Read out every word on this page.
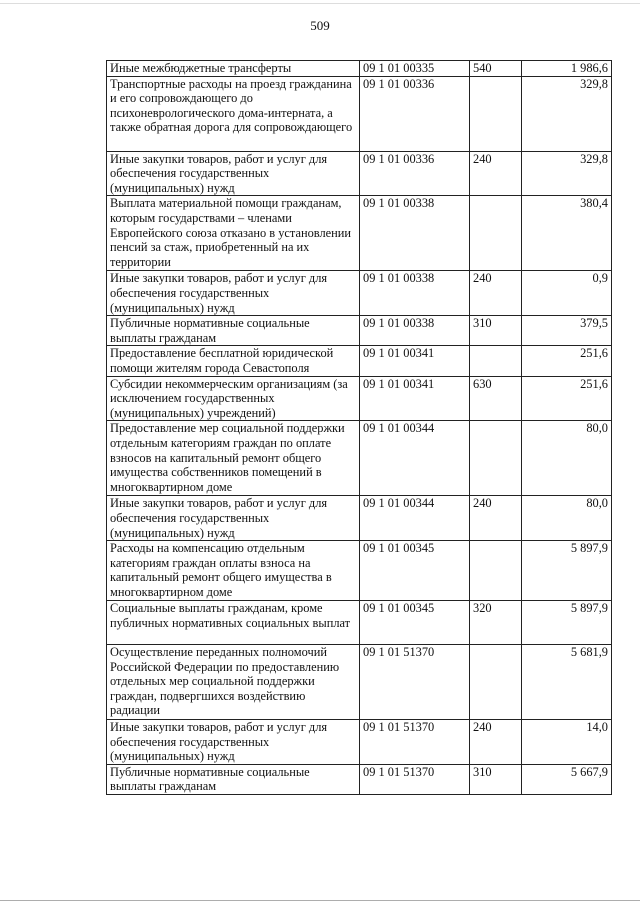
509
Иные межбюджетные трансферты	09 1 01 00335	540	1 986,6
Транспортные расходы на проезд гражданина и его сопровождающего до психоневрологического дома-интерната, а также обратная дорога для сопровождающего	09 1 01 00336		329,8
Иные закупки товаров, работ и услуг для обеспечения государственных (муниципальных) нужд	09 1 01 00336	240	329,8
Выплата материальной помощи гражданам, которым государствами – членами Европейского союза отказано в установлении пенсий за стаж, приобретенный на их территории	09 1 01 00338		380,4
Иные закупки товаров, работ и услуг для обеспечения государственных (муниципальных) нужд	09 1 01 00338	240	0,9
Публичные нормативные социальные выплаты гражданам	09 1 01 00338	310	379,5
Предоставление бесплатной юридической помощи жителям города Севастополя	09 1 01 00341		251,6
Субсидии некоммерческим организациям (за исключением государственных (муниципальных) учреждений)	09 1 01 00341	630	251,6
Предоставление мер социальной поддержки отдельным категориям граждан по оплате взносов на капитальный ремонт общего имущества собственников помещений в многоквартирном доме	09 1 01 00344		80,0
Иные закупки товаров, работ и услуг для обеспечения государственных (муниципальных) нужд	09 1 01 00344	240	80,0
Расходы на компенсацию отдельным категориям граждан оплаты взноса на капитальный ремонт общего имущества в многоквартирном доме	09 1 01 00345		5 897,9
Социальные выплаты гражданам, кроме публичных нормативных социальных выплат	09 1 01 00345	320	5 897,9
Осуществление переданных полномочий Российской Федерации по предоставлению отдельных мер социальной поддержки граждан, подвергшихся воздействию радиации	09 1 01 51370		5 681,9
Иные закупки товаров, работ и услуг для обеспечения государственных (муниципальных) нужд	09 1 01 51370	240	14,0
Публичные нормативные социальные выплаты гражданам	09 1 01 51370	310	5 667,9
